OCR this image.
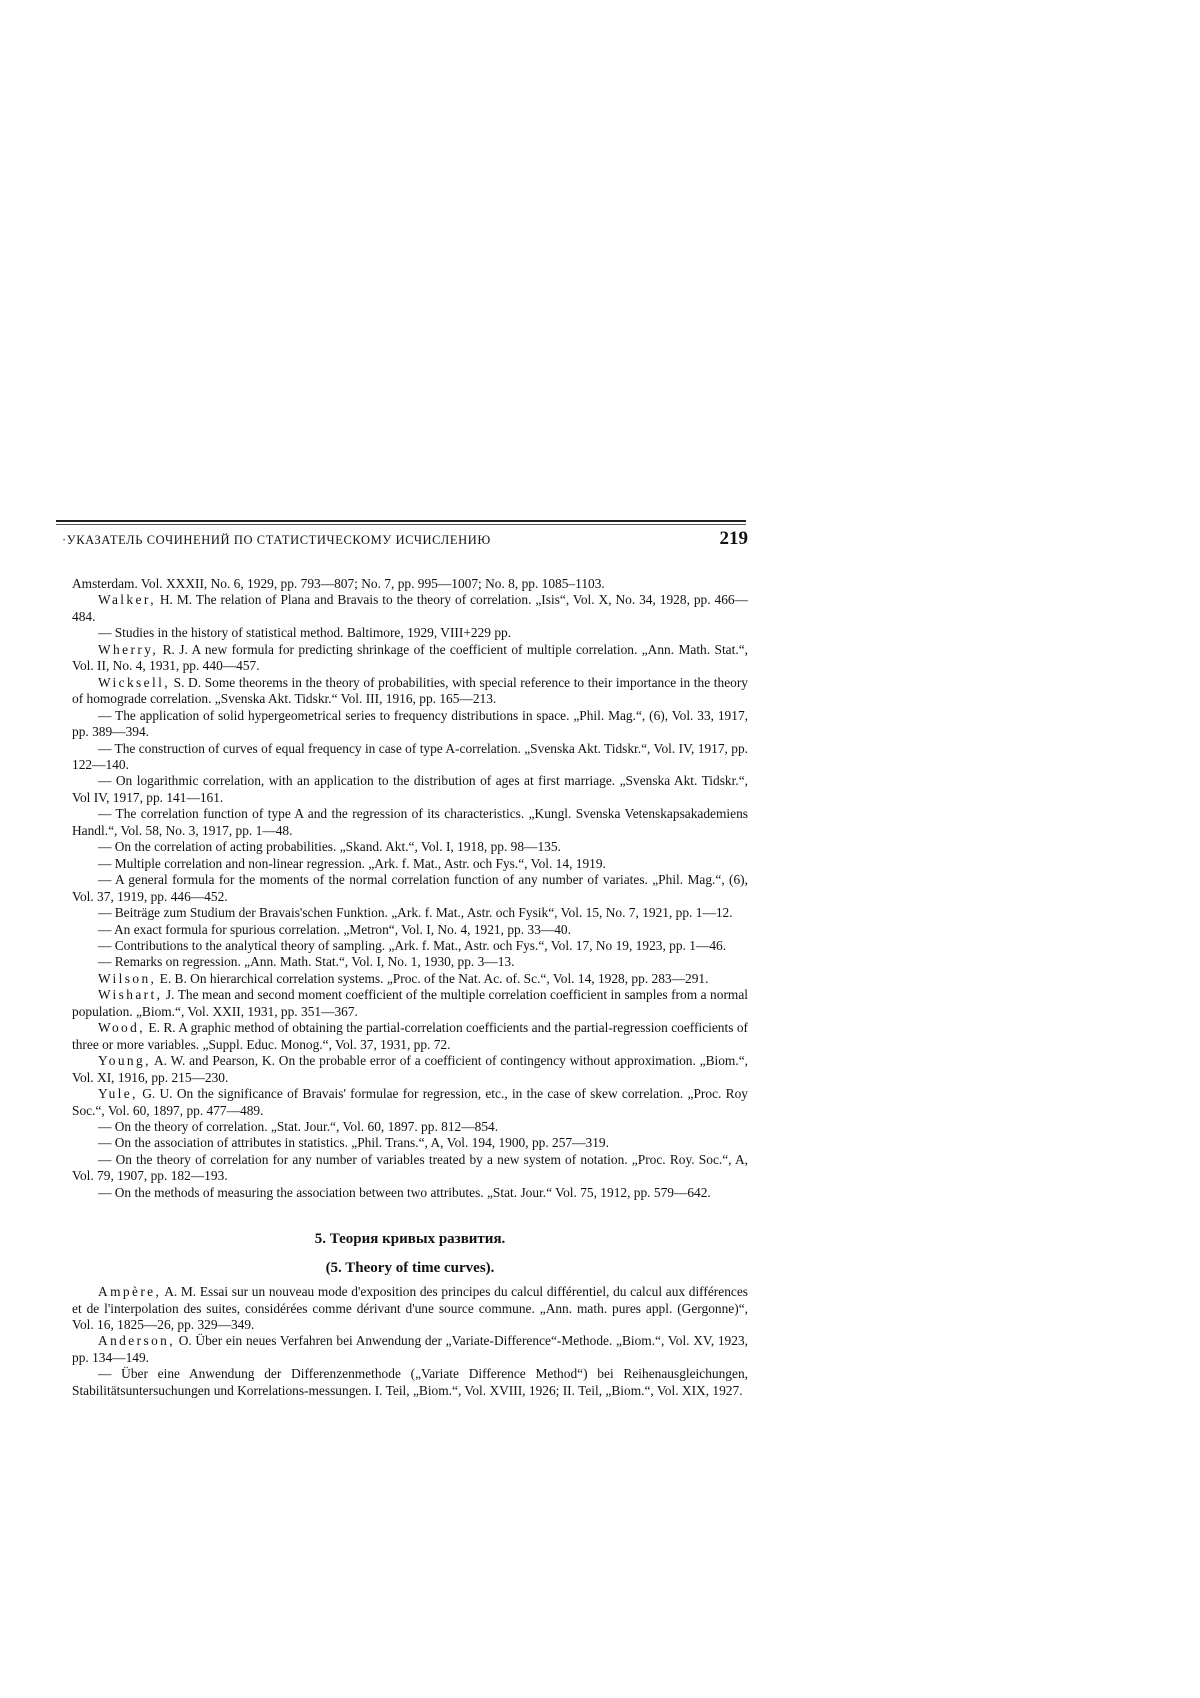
·УКАЗАТЕЛЬ СОЧИНЕНИЙ ПО СТАТИСТИЧЕСКОМУ ИСЧИСЛЕНИЮ	219

Amsterdam. Vol. XXXII, No. 6, 1929, pp. 793—807; No. 7, pp. 995—1007; No. 8, pp. 1085–1103.

Walker, H. M. The relation of Plana and Bravais to the theory of correlation. „Isis“, Vol. X, No. 34, 1928, pp. 466—484.

— Studies in the history of statistical method. Baltimore, 1929, VIII+229 pp.

Wherry, R. J. A new formula for predicting shrinkage of the coefficient of multiple correlation. „Ann. Math. Stat.“, Vol. II, No. 4, 1931, pp. 440—457.

Wicksell, S. D. Some theorems in the theory of probabilities, with special reference to their importance in the theory of homograde correlation. „Svenska Akt. Tidskr.“ Vol. III, 1916, pp. 165—213.

— The application of solid hypergeometrical series to frequency distributions in space. „Phil. Mag.“, (6), Vol. 33, 1917, pp. 389—394.

— The construction of curves of equal frequency in case of type A-correlation. „Svenska Akt. Tidskr.“, Vol. IV, 1917, pp. 122—140.

— On logarithmic correlation, with an application to the distribution of ages at first marriage. „Svenska Akt. Tidskr.“, Vol IV, 1917, pp. 141—161.

— The correlation function of type A and the regression of its characteristics. „Kungl. Svenska Vetenskapsakademiens Handl.“, Vol. 58, No. 3, 1917, pp. 1—48.

— On the correlation of acting probabilities. „Skand. Akt.“, Vol. I, 1918, pp. 98—135.

— Multiple correlation and non-linear regression. „Ark. f. Mat., Astr. och Fys.“, Vol. 14, 1919.

— A general formula for the moments of the normal correlation function of any number of variates. „Phil. Mag.“, (6), Vol. 37, 1919, pp. 446—452.

— Beiträge zum Studium der Bravais'schen Funktion. „Ark. f. Mat., Astr. och Fysik“, Vol. 15, No. 7, 1921, pp. 1—12.

— An exact formula for spurious correlation. „Metron“, Vol. I, No. 4, 1921, pp. 33—40.

— Contributions to the analytical theory of sampling. „Ark. f. Mat., Astr. och Fys.“, Vol. 17, No 19, 1923, pp. 1—46.

— Remarks on regression. „Ann. Math. Stat.“, Vol. I, No. 1, 1930, pp. 3—13.

Wilson, E. B. On hierarchical correlation systems. „Proc. of the Nat. Ac. of. Sc.“, Vol. 14, 1928, pp. 283—291.

Wishart, J. The mean and second moment coefficient of the multiple correlation coefficient in samples from a normal population. „Biom.“, Vol. XXII, 1931, pp. 351—367.

Wood, E. R. A graphic method of obtaining the partial-correlation coefficients and the partial-regression coefficients of three or more variables. „Suppl. Educ. Monog.“, Vol. 37, 1931, pp. 72.

Young, A. W. and Pearson, K. On the probable error of a coefficient of contingency without approximation. „Biom.“, Vol. XI, 1916, pp. 215—230.

Yule, G. U. On the significance of Bravais' formulae for regression, etc., in the case of skew correlation. „Proc. Roy Soc.“, Vol. 60, 1897, pp. 477—489.

— On the theory of correlation. „Stat. Jour.“, Vol. 60, 1897. pp. 812—854.

— On the association of attributes in statistics. „Phil. Trans.“, A, Vol. 194, 1900, pp. 257—319.

— On the theory of correlation for any number of variables treated by a new system of notation. „Proc. Roy. Soc.“, A, Vol. 79, 1907, pp. 182—193.

— On the methods of measuring the association between two attributes. „Stat. Jour.“ Vol. 75, 1912, pp. 579—642.

5. Теория кривых развития.
(5. Theory of time curves).

Ampère, A. M. Essai sur un nouveau mode d'exposition des principes du calcul différentiel, du calcul aux différences et de l'interpolation des suites, considérées comme dérivant d'une source commune. „Ann. math. pures appl. (Gergonne)“, Vol. 16, 1825—26, pp. 329—349.

Anderson, O. Über ein neues Verfahren bei Anwendung der „Variate-Difference“-Methode. „Biom.“, Vol. XV, 1923, pp. 134—149.

— Über eine Anwendung der Differenzenmethode („Variate Difference Method“) bei Reihenausgleichungen, Stabilitätsuntersuchungen und Korrelations-messungen. I. Teil, „Biom.“, Vol. XVIII, 1926; II. Teil, „Biom.“, Vol. XIX, 1927.
